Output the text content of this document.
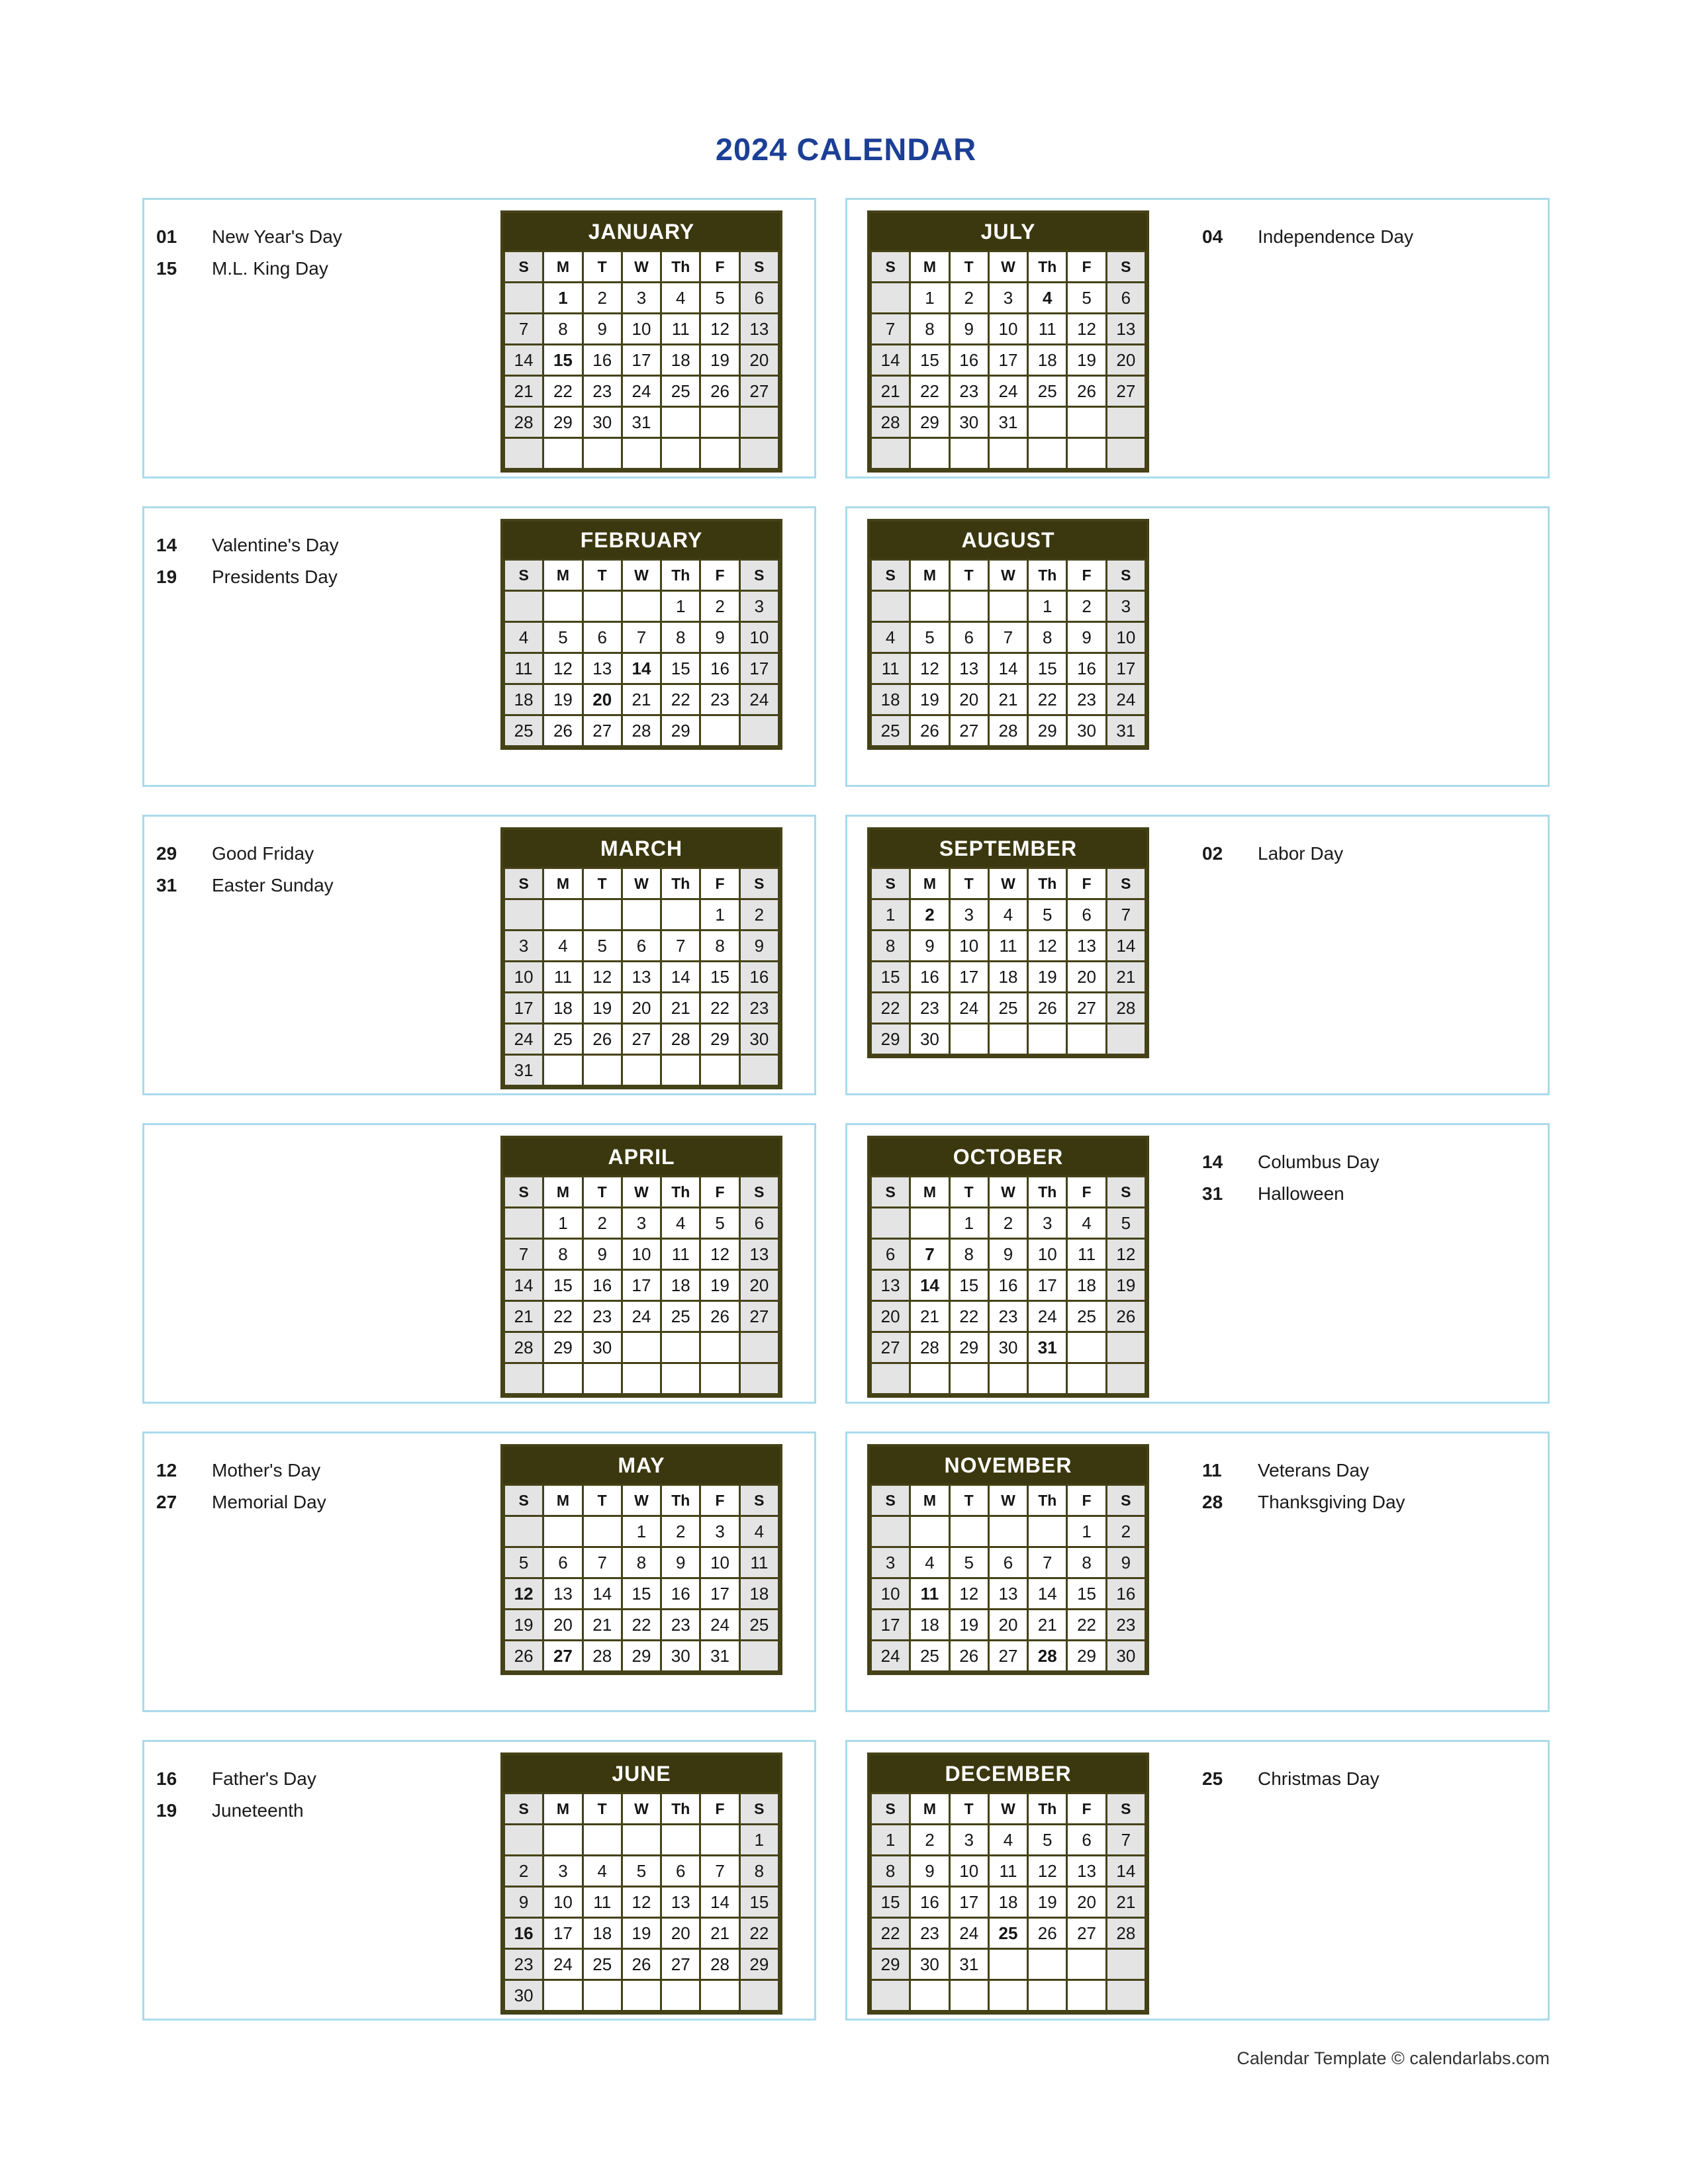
2024 CALENDAR
01	New Year's Day
15	M.L. King Day
JANUARY
S	M	T	W	Th	F	S
	1	2	3	4	5	6
7	8	9	10	11	12	13
14	15	16	17	18	19	20
21	22	23	24	25	26	27
28	29	30	31			

JULY
S	M	T	W	Th	F	S
	1	2	3	4	5	6
7	8	9	10	11	12	13
14	15	16	17	18	19	20
21	22	23	24	25	26	27
28	29	30	31			

04	Independence Day
14	Valentine's Day
19	Presidents Day
FEBRUARY
S	M	T	W	Th	F	S
				1	2	3
4	5	6	7	8	9	10
11	12	13	14	15	16	17
18	19	20	21	22	23	24
25	26	27	28	29		
AUGUST
S	M	T	W	Th	F	S
				1	2	3
4	5	6	7	8	9	10
11	12	13	14	15	16	17
18	19	20	21	22	23	24
25	26	27	28	29	30	31
29	Good Friday
31	Easter Sunday
MARCH
S	M	T	W	Th	F	S
					1	2
3	4	5	6	7	8	9
10	11	12	13	14	15	16
17	18	19	20	21	22	23
24	25	26	27	28	29	30
31						
SEPTEMBER
S	M	T	W	Th	F	S
1	2	3	4	5	6	7
8	9	10	11	12	13	14
15	16	17	18	19	20	21
22	23	24	25	26	27	28
29	30					
02	Labor Day
APRIL
S	M	T	W	Th	F	S
	1	2	3	4	5	6
7	8	9	10	11	12	13
14	15	16	17	18	19	20
21	22	23	24	25	26	27
28	29	30				

OCTOBER
S	M	T	W	Th	F	S
		1	2	3	4	5
6	7	8	9	10	11	12
13	14	15	16	17	18	19
20	21	22	23	24	25	26
27	28	29	30	31		

14	Columbus Day
31	Halloween
12	Mother's Day
27	Memorial Day
MAY
S	M	T	W	Th	F	S
			1	2	3	4
5	6	7	8	9	10	11
12	13	14	15	16	17	18
19	20	21	22	23	24	25
26	27	28	29	30	31	
NOVEMBER
S	M	T	W	Th	F	S
					1	2
3	4	5	6	7	8	9
10	11	12	13	14	15	16
17	18	19	20	21	22	23
24	25	26	27	28	29	30
11	Veterans Day
28	Thanksgiving Day
16	Father's Day
19	Juneteenth
JUNE
S	M	T	W	Th	F	S
						1
2	3	4	5	6	7	8
9	10	11	12	13	14	15
16	17	18	19	20	21	22
23	24	25	26	27	28	29
30						
DECEMBER
S	M	T	W	Th	F	S
1	2	3	4	5	6	7
8	9	10	11	12	13	14
15	16	17	18	19	20	21
22	23	24	25	26	27	28
29	30	31				

25	Christmas Day
Calendar Template © calendarlabs.com
